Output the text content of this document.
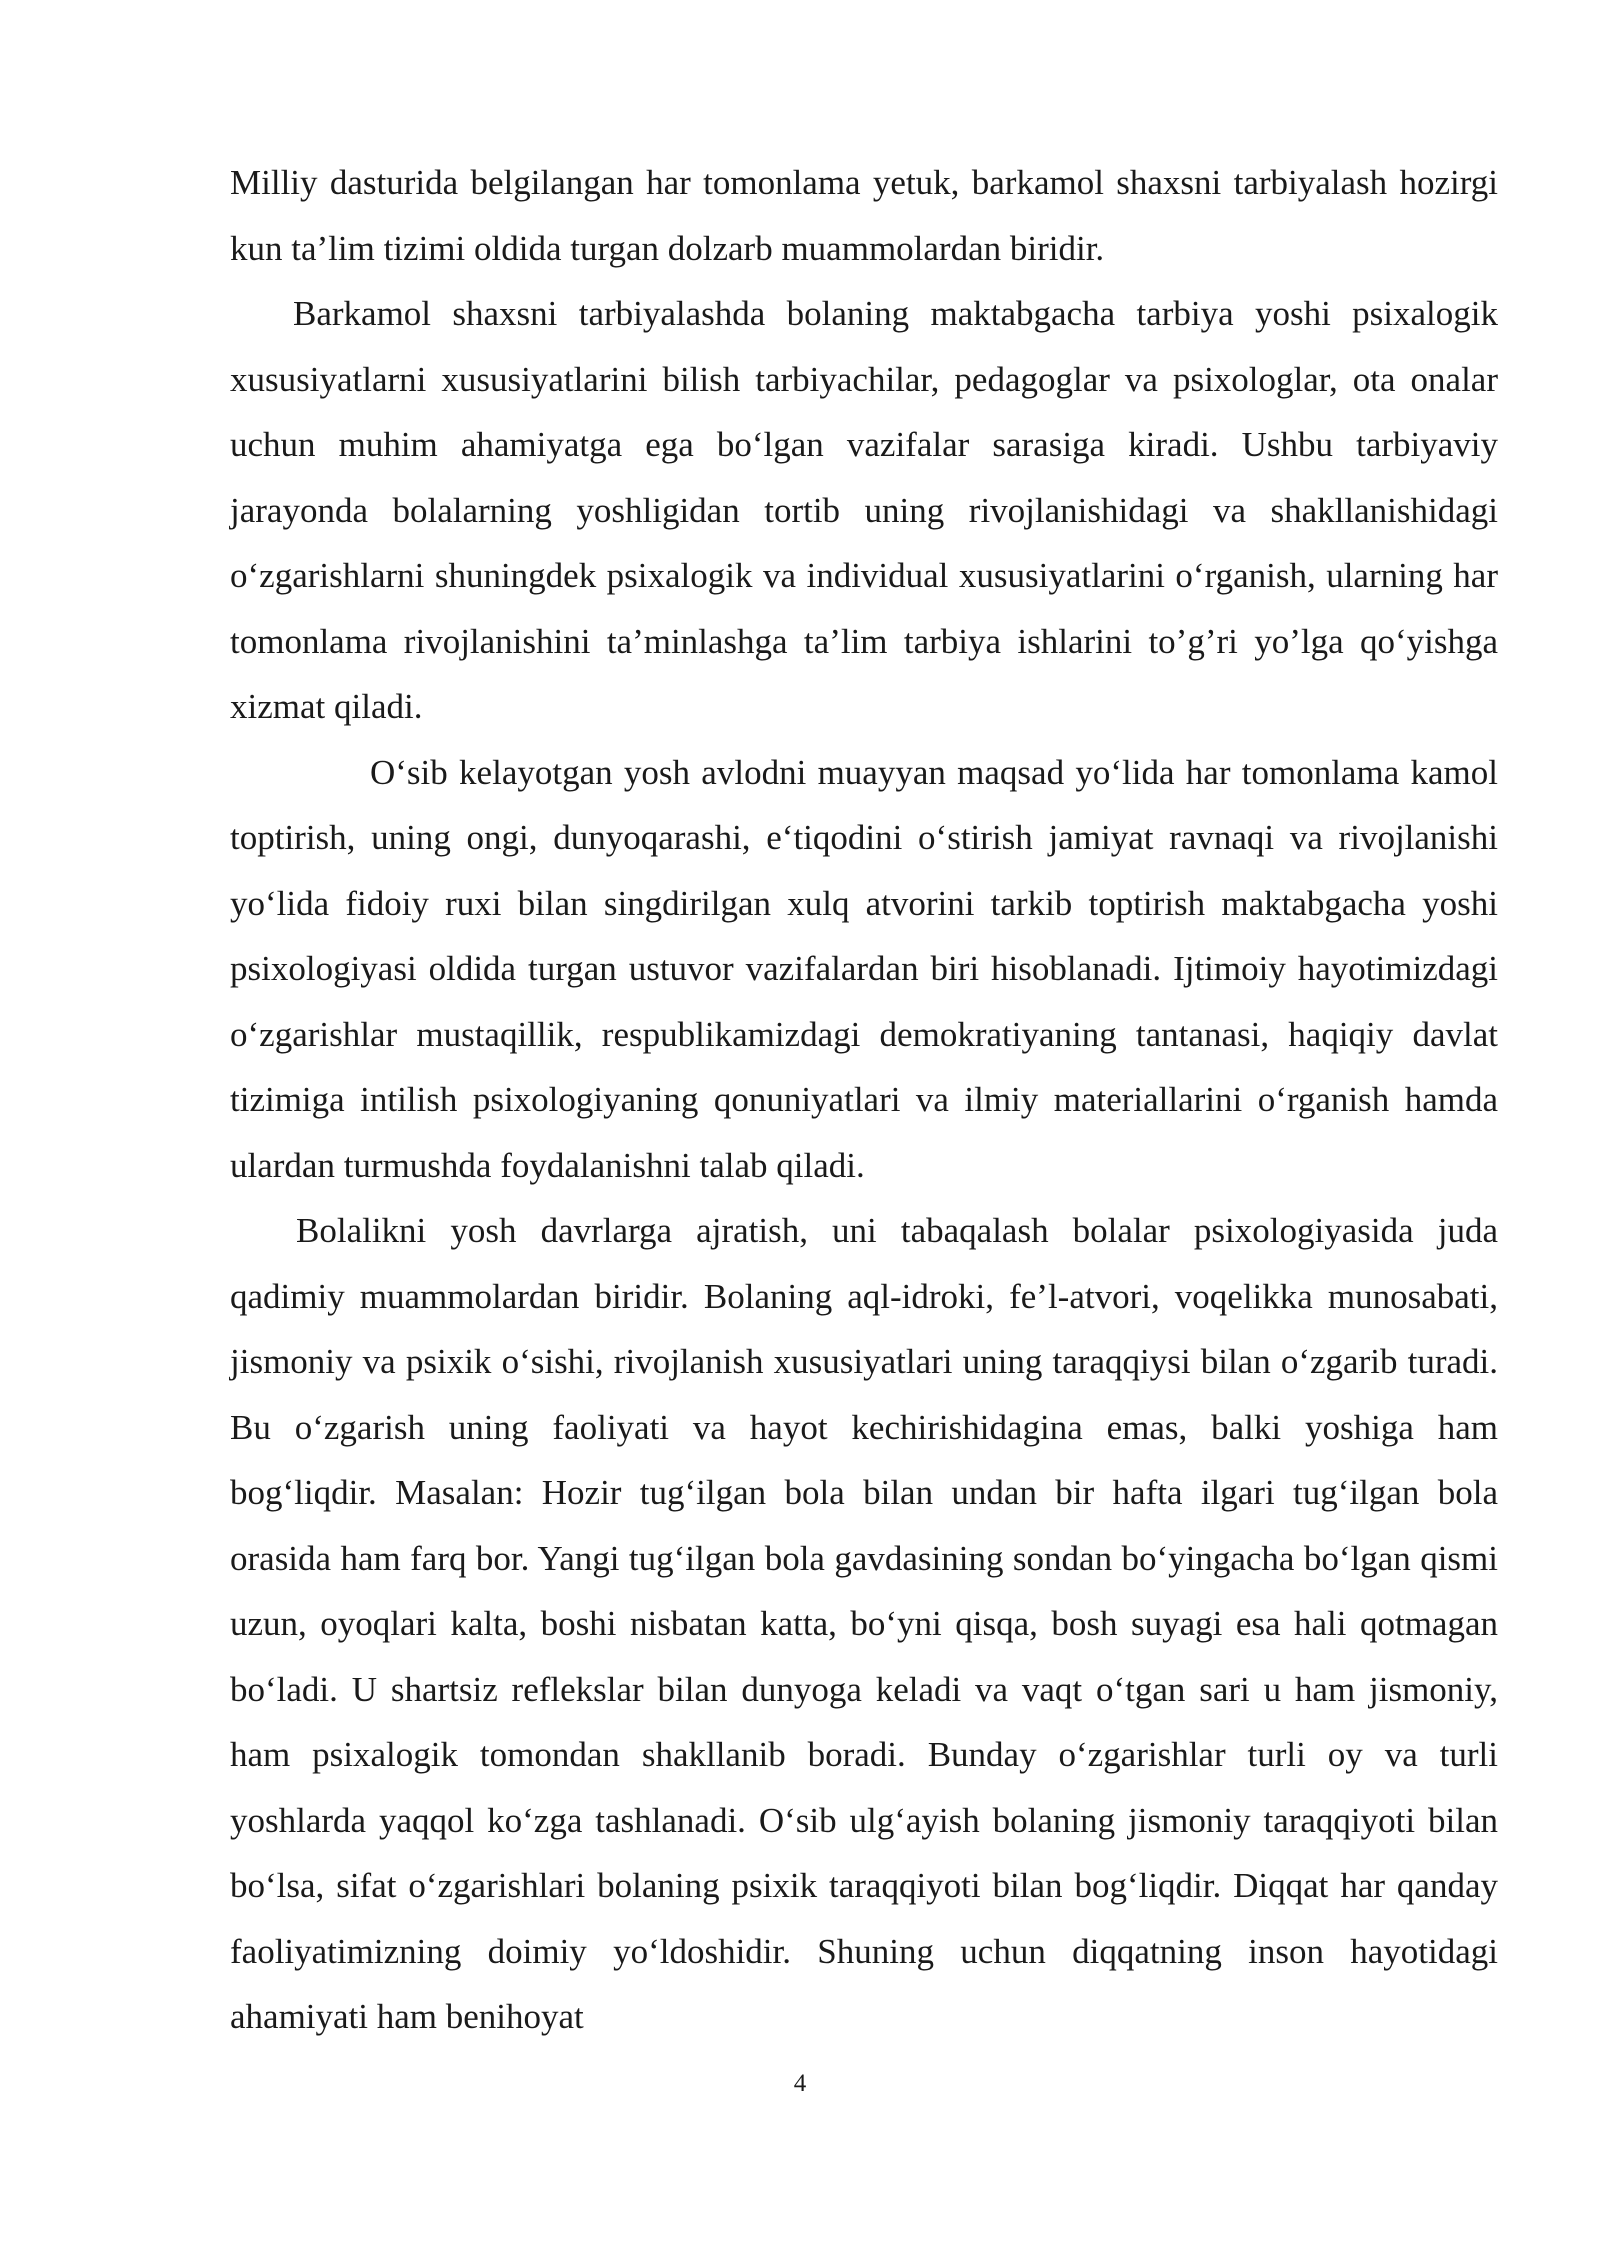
Milliy dasturida belgilangan har tomonlama yetuk, barkamol shaxsni tarbiyalash hozirgi kun ta’lim tizimi oldida turgan dolzarb muammolardan biridir.

Barkamol shaxsni tarbiyalashda bolaning maktabgacha tarbiya yoshi psixalogik xususiyatlarni xususiyatlarini bilish tarbiyachilar, pedagoglar va psixologlar, ota onalar uchun muhim ahamiyatga ega bo‘lgan vazifalar sarasiga kiradi. Ushbu tarbiyaviy jarayonda bolalarning yoshligidan tortib uning rivojlanishidagi va shakllanishidagi o‘zgarishlarni shuningdek psixalogik va individual xususiyatlarini o‘rganish, ularning har tomonlama rivojlanishini ta’minlashga ta’lim tarbiya ishlarini to’g’ri yo’lga qo‘yishga xizmat qiladi.

O‘sib kelayotgan yosh avlodni muayyan maqsad yo‘lida har tomonlama kamol toptirish, uning ongi, dunyoqarashi, e‘tiqodini o‘stirish jamiyat ravnaqi va rivojlanishi yo‘lida fidoiy ruxi bilan singdirilgan xulq atvorini tarkib toptirish maktabgacha yoshi psixologiyasi oldida turgan ustuvor vazifalardan biri hisoblanadi. Ijtimoiy hayotimizdagi o‘zgarishlar mustaqillik, respublikamizdagi demokratiyaning tantanasi, haqiqiy davlat tizimiga intilish psixologiyaning qonuniyatlari va ilmiy materiallarini o‘rganish hamda ulardan turmushda foydalanishni talab qiladi.

Bolalikni yosh davrlarga ajratish, uni tabaqalash bolalar psixologiyasida juda qadimiy muammolardan biridir. Bolaning aql-idroki, fe’l-atvori, voqelikka munosabati, jismoniy va psixik o‘sishi, rivojlanish xususiyatlari uning taraqqiysi bilan o‘zgarib turadi. Bu o‘zgarish uning faoliyati va hayot kechirishidagina emas, balki yoshiga ham bog‘liqdir. Masalan: Hozir tug‘ilgan bola bilan undan bir hafta ilgari tug‘ilgan bola orasida ham farq bor. Yangi tug‘ilgan bola gavdasining sondan bo‘yingacha bo‘lgan qismi uzun, oyoqlari kalta, boshi nisbatan katta, bo‘yni qisqa, bosh suyagi esa hali qotmagan bo‘ladi. U shartsiz reflekslar bilan dunyoga keladi va vaqt o‘tgan sari u ham jismoniy, ham psixalogik tomondan shakllanib boradi. Bunday o‘zgarishlar turli oy va turli yoshlarda yaqqol ko‘zga tashlanadi. O‘sib ulg‘ayish bolaning jismoniy taraqqiyoti bilan bo‘lsa, sifat o‘zgarishlari bolaning psixik taraqqiyoti bilan bog‘liqdir. Diqqat har qanday faoliyatimizning doimiy yo‘ldoshidir. Shuning uchun diqqatning inson hayotidagi ahamiyati ham benihoyat

4
